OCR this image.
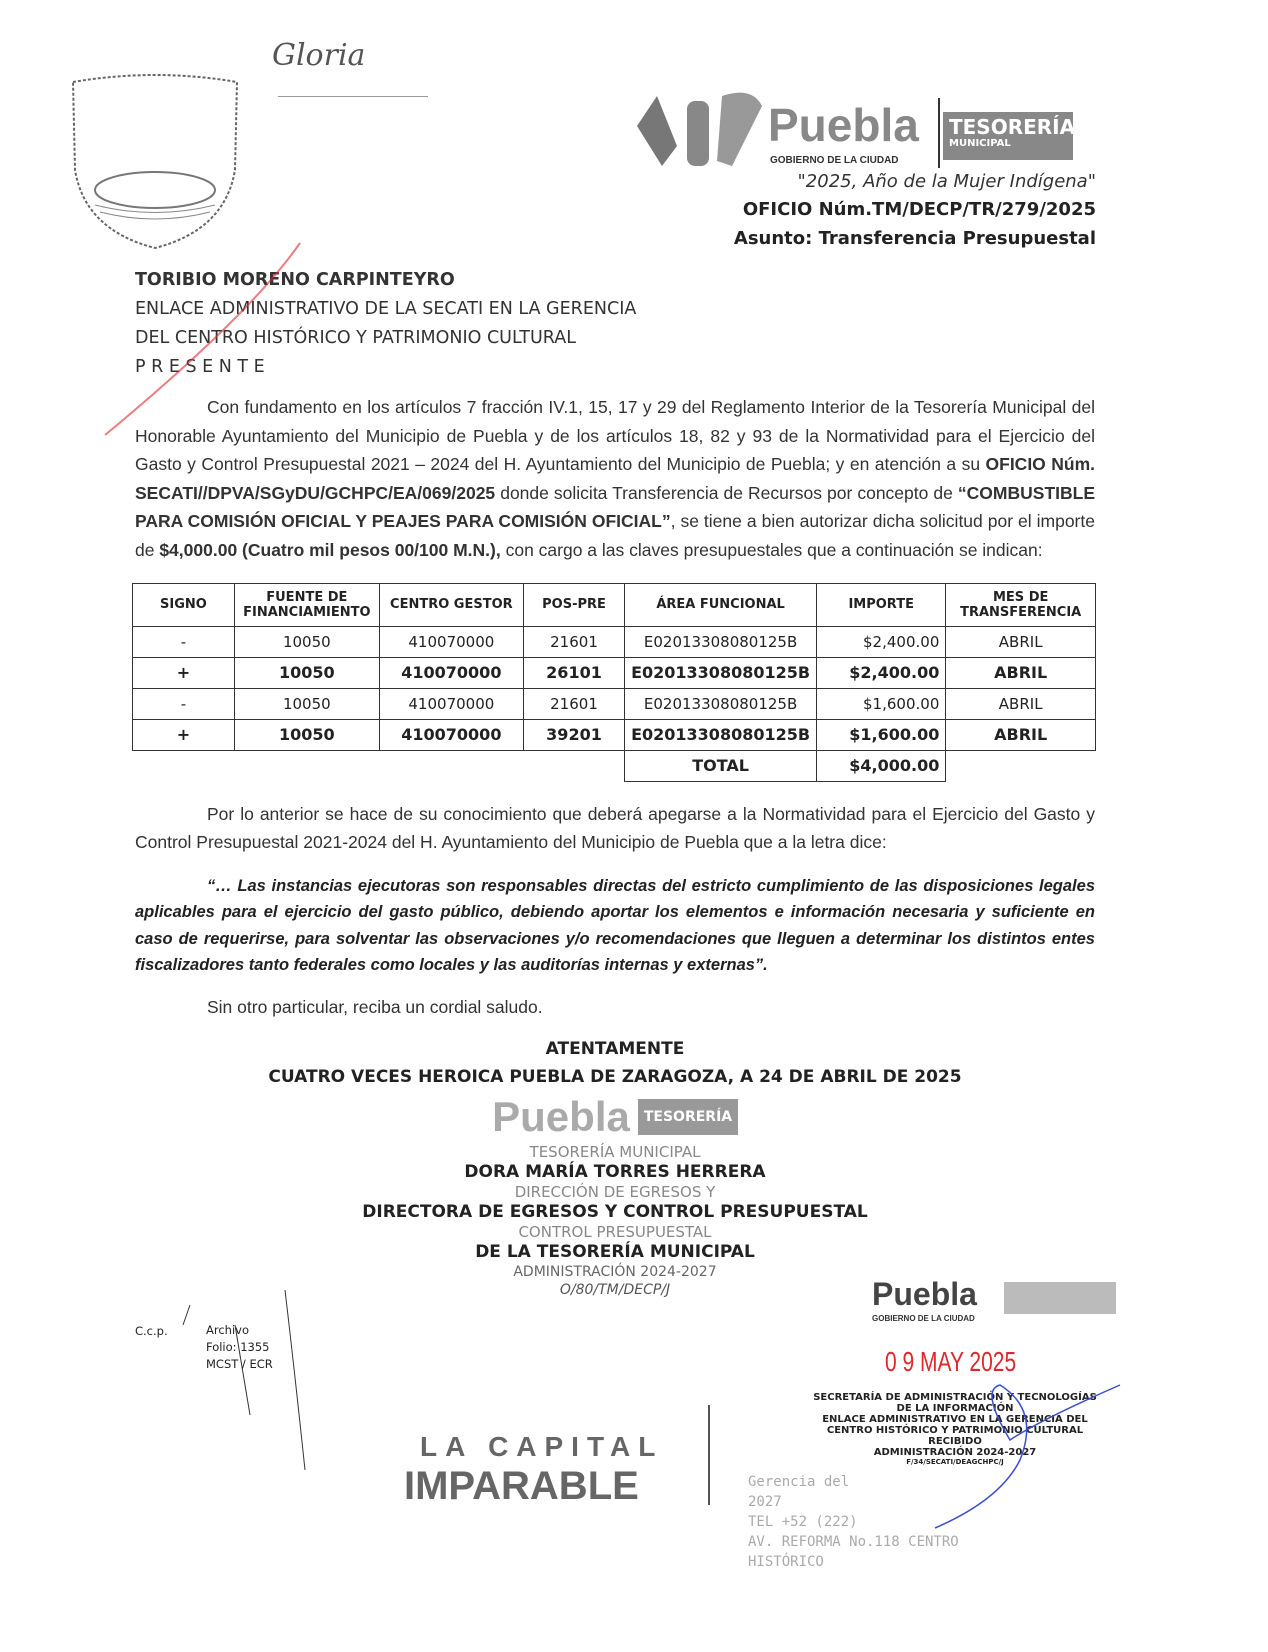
Gloria
Puebla
GOBIERNO DE LA CIUDAD
TESORERÍA
MUNICIPAL
"2025, Año de la Mujer Indígena"
OFICIO Núm.TM/DECP/TR/279/2025
Asunto: Transferencia Presupuestal
TORIBIO MORENO CARPINTEYRO
ENLACE ADMINISTRATIVO DE LA SECATI EN LA GERENCIA
DEL CENTRO HISTÓRICO Y PATRIMONIO CULTURAL
P R E S E N T E
Con fundamento en los artículos 7 fracción IV.1, 15, 17 y 29 del Reglamento Interior de la Tesorería Municipal del Honorable Ayuntamiento del Municipio de Puebla y de los artículos 18, 82 y 93 de la Normatividad para el Ejercicio del Gasto y Control Presupuestal 2021 – 2024 del H. Ayuntamiento del Municipio de Puebla; y en atención a su OFICIO Núm. SECATI//DPVA/SGyDU/GCHPC/EA/069/2025 donde solicita Transferencia de Recursos por concepto de “COMBUSTIBLE PARA COMISIÓN OFICIAL Y PEAJES PARA COMISIÓN OFICIAL”, se tiene a bien autorizar dicha solicitud por el importe de $4,000.00 (Cuatro mil pesos 00/100 M.N.), con cargo a las claves presupuestales que a continuación se indican:
SIGNO	FUENTE DE FINANCIAMIENTO	CENTRO GESTOR	POS-PRE	ÁREA FUNCIONAL	IMPORTE	MES DE TRANSFERENCIA
-	10050	410070000	21601	E02013308080125B	$2,400.00	ABRIL
+	10050	410070000	26101	E02013308080125B	$2,400.00	ABRIL
-	10050	410070000	21601	E02013308080125B	$1,600.00	ABRIL
+	10050	410070000	39201	E02013308080125B	$1,600.00	ABRIL
				TOTAL	$4,000.00	
Por lo anterior se hace de su conocimiento que deberá apegarse a la Normatividad para el Ejercicio del Gasto y Control Presupuestal 2021-2024 del H. Ayuntamiento del Municipio de Puebla que a la letra dice:
“… Las instancias ejecutoras son responsables directas del estricto cumplimiento de las disposiciones legales aplicables para el ejercicio del gasto público, debiendo aportar los elementos e información necesaria y suficiente en caso de requerirse, para solventar las observaciones y/o recomendaciones que lleguen a determinar los distintos entes fiscalizadores tanto federales como locales y las auditorías internas y externas”.
Sin otro particular, reciba un cordial saludo.
ATENTAMENTE
CUATRO VECES HEROICA PUEBLA DE ZARAGOZA, A 24 DE ABRIL DE 2025
Puebla	TESORERÍA
TESORERÍA MUNICIPAL
DORA MARÍA TORRES HERRERA
DIRECCIÓN DE EGRESOS Y
DIRECTORA DE EGRESOS Y CONTROL PRESUPUESTAL
CONTROL PRESUPUESTAL
DE LA TESORERÍA MUNICIPAL
ADMINISTRACIÓN 2024-2027
O/80/TM/DECP/J
C.c.p.	Archivo
Folio: 1355
MCST / ECR
LA CAPITAL
IMPARABLE	Gerencia del
2027
TEL +52 (222)
AV. REFORMA No.118 CENTRO
HISTÓRICO
Puebla
GOBIERNO DE LA CIUDAD
0 9 MAY 2025
SECRETARÍA DE ADMINISTRACIÓN Y TECNOLOGÍAS
DE LA INFORMACIÓN
ENLACE ADMINISTRATIVO EN LA GERENCIA DEL
CENTRO HISTÓRICO Y PATRIMONIO CULTURAL
RECIBIDO
ADMINISTRACIÓN 2024-2027
F/34/SECATI/DEAGCHPC/J
